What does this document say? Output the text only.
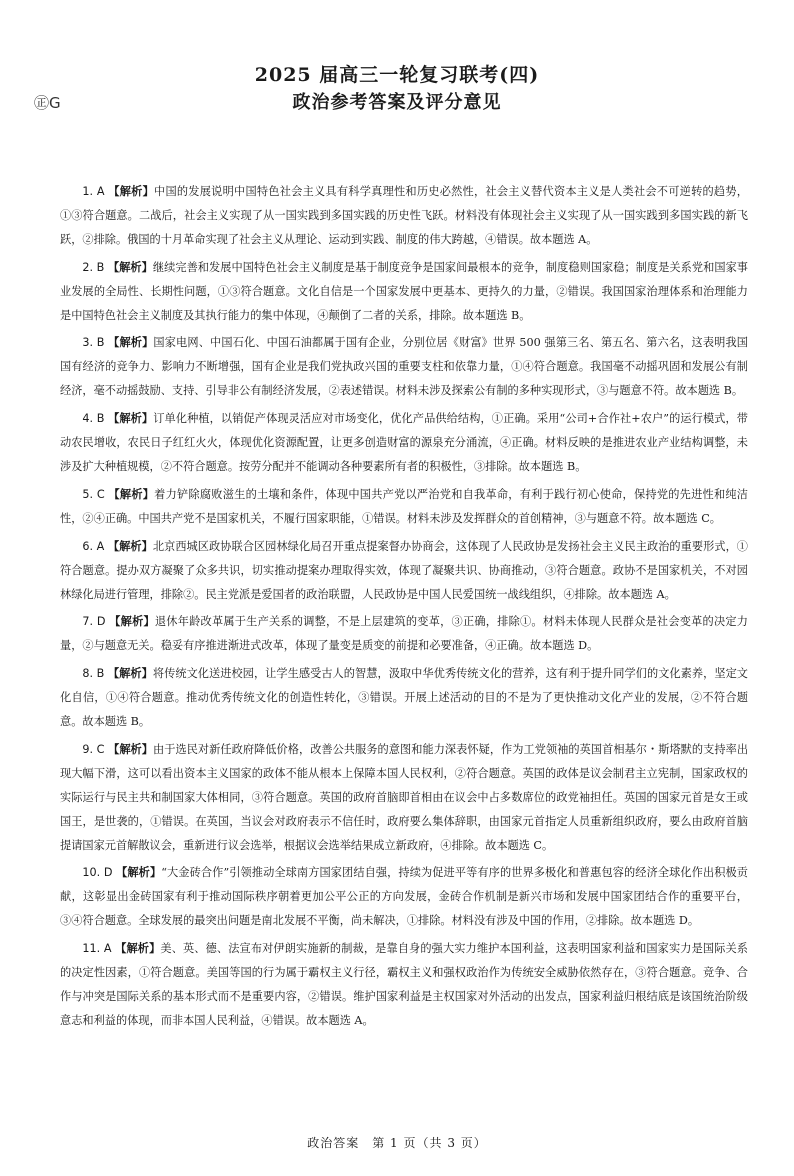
㊣G
2025 届高三一轮复习联考(四)
政治参考答案及评分意见

1. A 【解析】中国的发展说明中国特色社会主义具有科学真理性和历史必然性，社会主义替代资本主义是人类社会不可逆转的趋势，①③符合题意。二战后，社会主义实现了从一国实践到多国实践的历史性飞跃。材料没有体现社会主义实现了从一国实践到多国实践的新飞跃，②排除。俄国的十月革命实现了社会主义从理论、运动到实践、制度的伟大跨越，④错误。故本题选 A。

2. B 【解析】继续完善和发展中国特色社会主义制度是基于制度竞争是国家间最根本的竞争，制度稳则国家稳；制度是关系党和国家事业发展的全局性、长期性问题，①③符合题意。文化自信是一个国家发展中更基本、更持久的力量，②错误。我国国家治理体系和治理能力是中国特色社会主义制度及其执行能力的集中体现，④颠倒了二者的关系，排除。故本题选 B。

3. B 【解析】国家电网、中国石化、中国石油都属于国有企业，分别位居《财富》世界 500 强第三名、第五名、第六名，这表明我国国有经济的竞争力、影响力不断增强，国有企业是我们党执政兴国的重要支柱和依靠力量，①④符合题意。我国毫不动摇巩固和发展公有制经济，毫不动摇鼓励、支持、引导非公有制经济发展，②表述错误。材料未涉及探索公有制的多种实现形式，③与题意不符。故本题选 B。

4. B 【解析】订单化种植，以销促产体现灵活应对市场变化，优化产品供给结构，①正确。采用“公司+合作社+农户”的运行模式，带动农民增收，农民日子红红火火，体现优化资源配置，让更多创造财富的源泉充分涌流，④正确。材料反映的是推进农业产业结构调整，未涉及扩大种植规模，②不符合题意。按劳分配并不能调动各种要素所有者的积极性，③排除。故本题选 B。

5. C 【解析】着力铲除腐败滋生的土壤和条件，体现中国共产党以严治党和自我革命，有利于践行初心使命，保持党的先进性和纯洁性，②④正确。中国共产党不是国家机关，不履行国家职能，①错误。材料未涉及发挥群众的首创精神，③与题意不符。故本题选 C。

6. A 【解析】北京西城区政协联合区园林绿化局召开重点提案督办协商会，这体现了人民政协是发扬社会主义民主政治的重要形式，①符合题意。提办双方凝聚了众多共识，切实推动提案办理取得实效，体现了凝聚共识、协商推动，③符合题意。政协不是国家机关，不对园林绿化局进行管理，排除②。民主党派是爱国者的政治联盟，人民政协是中国人民爱国统一战线组织，④排除。故本题选 A。

7. D 【解析】退休年龄改革属于生产关系的调整，不是上层建筑的变革，③正确，排除①。材料未体现人民群众是社会变革的决定力量，②与题意无关。稳妥有序推进渐进式改革，体现了量变是质变的前提和必要准备，④正确。故本题选 D。

8. B 【解析】将传统文化送进校园，让学生感受古人的智慧，汲取中华优秀传统文化的营养，这有利于提升同学们的文化素养，坚定文化自信，①④符合题意。推动优秀传统文化的创造性转化，③错误。开展上述活动的目的不是为了更快推动文化产业的发展，②不符合题意。故本题选 B。

9. C 【解析】由于选民对新任政府降低价格，改善公共服务的意图和能力深表怀疑，作为工党领袖的英国首相基尔・斯塔默的支持率出现大幅下滑，这可以看出资本主义国家的政体不能从根本上保障本国人民权利，②符合题意。英国的政体是议会制君主立宪制，国家政权的实际运行与民主共和制国家大体相同，③符合题意。英国的政府首脑即首相由在议会中占多数席位的政党袖担任。英国的国家元首是女王或国王，是世袭的，①错误。在英国，当议会对政府表示不信任时，政府要么集体辞职，由国家元首指定人员重新组织政府，要么由政府首脑提请国家元首解散议会，重新进行议会选举，根据议会选举结果成立新政府，④排除。故本题选 C。

10. D 【解析】“大金砖合作”引领推动全球南方国家团结自强，持续为促进平等有序的世界多极化和普惠包容的经济全球化作出积极贡献，这彰显出金砖国家有利于推动国际秩序朝着更加公平公正的方向发展，金砖合作机制是新兴市场和发展中国家团结合作的重要平台，③④符合题意。全球发展的最突出问题是南北发展不平衡，尚未解决，①排除。材料没有涉及中国的作用，②排除。故本题选 D。

11. A 【解析】美、英、德、法宣布对伊朗实施新的制裁，是靠自身的强大实力维护本国利益，这表明国家利益和国家实力是国际关系的决定性因素，①符合题意。美国等国的行为属于霸权主义行径，霸权主义和强权政治作为传统安全威胁依然存在，③符合题意。竞争、合作与冲突是国际关系的基本形式而不是重要内容，②错误。维护国家利益是主权国家对外活动的出发点，国家利益归根结底是该国统治阶级意志和利益的体现，而非本国人民利益，④错误。故本题选 A。

政治答案　第 1 页（共 3 页）
